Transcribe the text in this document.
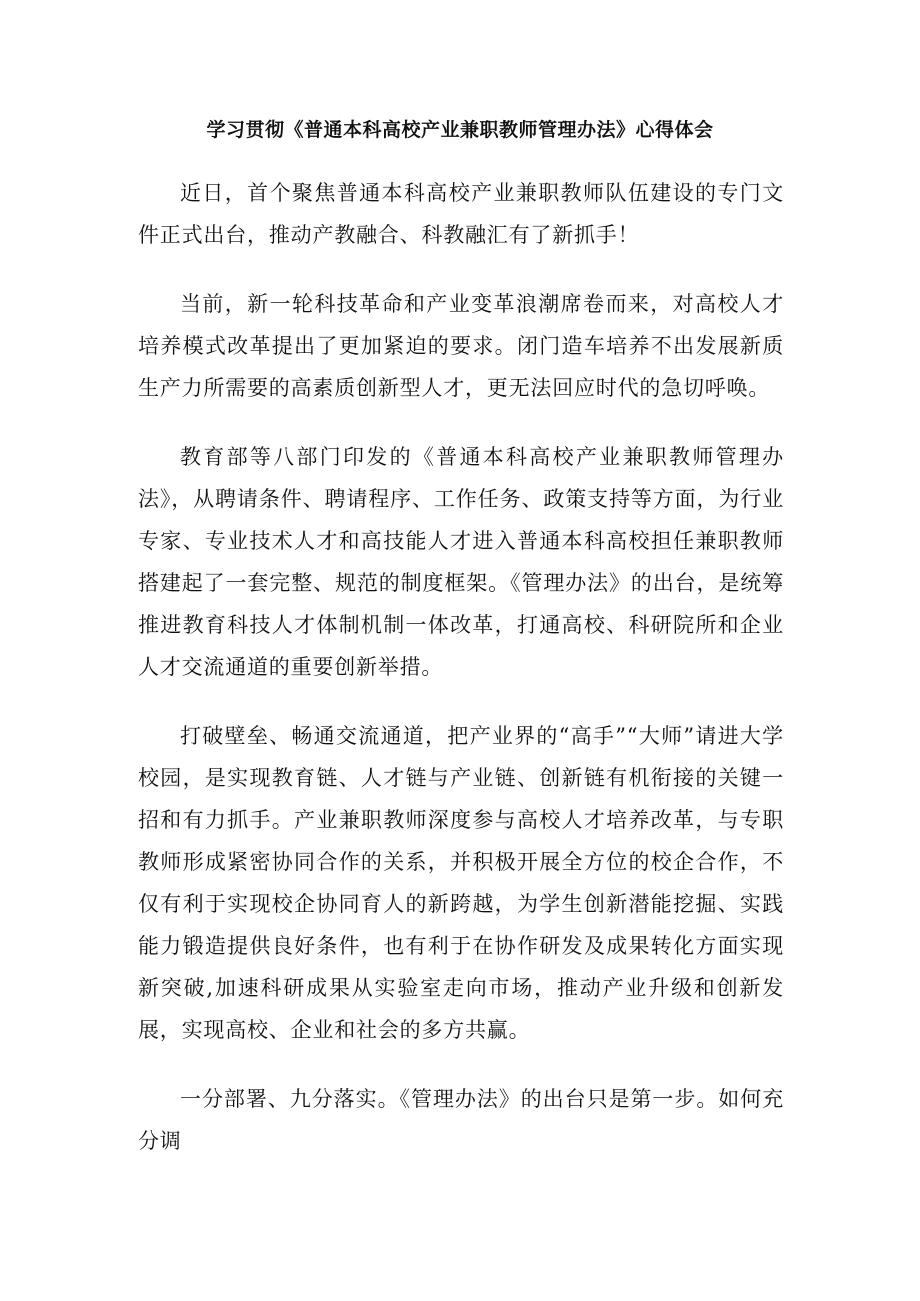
学习贯彻《普通本科高校产业兼职教师管理办法》心得体会

近日，首个聚焦普通本科高校产业兼职教师队伍建设的专门文件正式出台，推动产教融合、科教融汇有了新抓手！

当前，新一轮科技革命和产业变革浪潮席卷而来，对高校人才培养模式改革提出了更加紧迫的要求。闭门造车培养不出发展新质生产力所需要的高素质创新型人才，更无法回应时代的急切呼唤。

教育部等八部门印发的《普通本科高校产业兼职教师管理办法》，从聘请条件、聘请程序、工作任务、政策支持等方面，为行业专家、专业技术人才和高技能人才进入普通本科高校担任兼职教师搭建起了一套完整、规范的制度框架。《管理办法》的出台，是统筹推进教育科技人才体制机制一体改革，打通高校、科研院所和企业人才交流通道的重要创新举措。

打破壁垒、畅通交流通道，把产业界的“高手”“大师”请进大学校园，是实现教育链、人才链与产业链、创新链有机衔接的关键一招和有力抓手。产业兼职教师深度参与高校人才培养改革，与专职教师形成紧密协同合作的关系，并积极开展全方位的校企合作，不仅有利于实现校企协同育人的新跨越，为学生创新潜能挖掘、实践能力锻造提供良好条件，也有利于在协作研发及成果转化方面实现新突破,加速科研成果从实验室走向市场，推动产业升级和创新发展，实现高校、企业和社会的多方共赢。

一分部署、九分落实。《管理办法》的出台只是第一步。如何充分调
